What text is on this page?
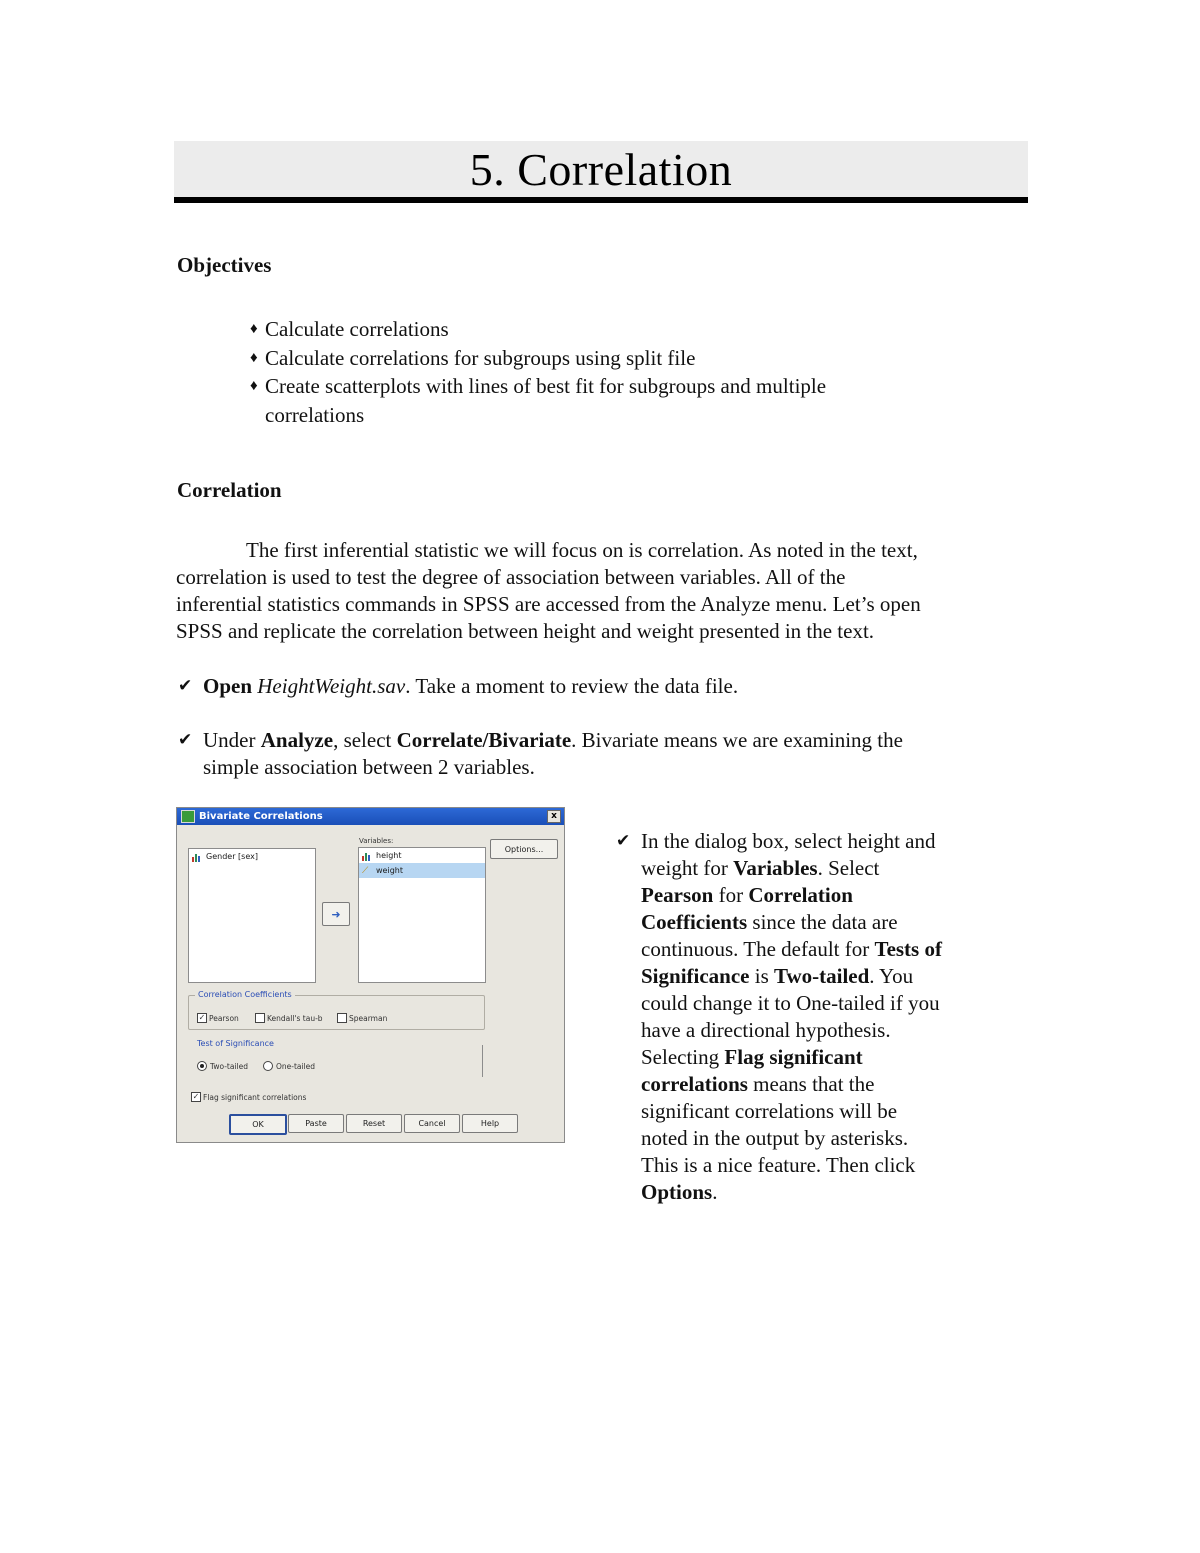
5. Correlation
Objectives
♦ Calculate correlations
♦ Calculate correlations for subgroups using split file
♦ Create scatterplots with lines of best fit for subgroups and multiple
correlations
Correlation
The first inferential statistic we will focus on is correlation. As noted in the text,
correlation is used to test the degree of association between variables. All of the
inferential statistics commands in SPSS are accessed from the Analyze menu. Let’s open
SPSS and replicate the correlation between height and weight presented in the text.
✔ Open HeightWeight.sav. Take a moment to review the data file.
✔ Under Analyze, select Correlate/Bivariate. Bivariate means we are examining the
simple association between 2 variables.
Bivariate Correlations	x
Gender [sex]
➜
Variables:
height
⟋ weight
Options...
Correlation Coefficients
✓ Pearson	Kendall's tau-b	Spearman
Test of Significance
Two-tailed	One-tailed
✓ Flag significant correlations
OK	Paste	Reset	Cancel	Help
✔ In the dialog box, select height and weight for Variables. Select Pearson for Correlation Coefficients since the data are continuous. The default for Tests of Significance is Two-tailed. You could change it to One-tailed if you have a directional hypothesis. Selecting Flag significant correlations means that the significant correlations will be noted in the output by asterisks. This is a nice feature. Then click Options.
